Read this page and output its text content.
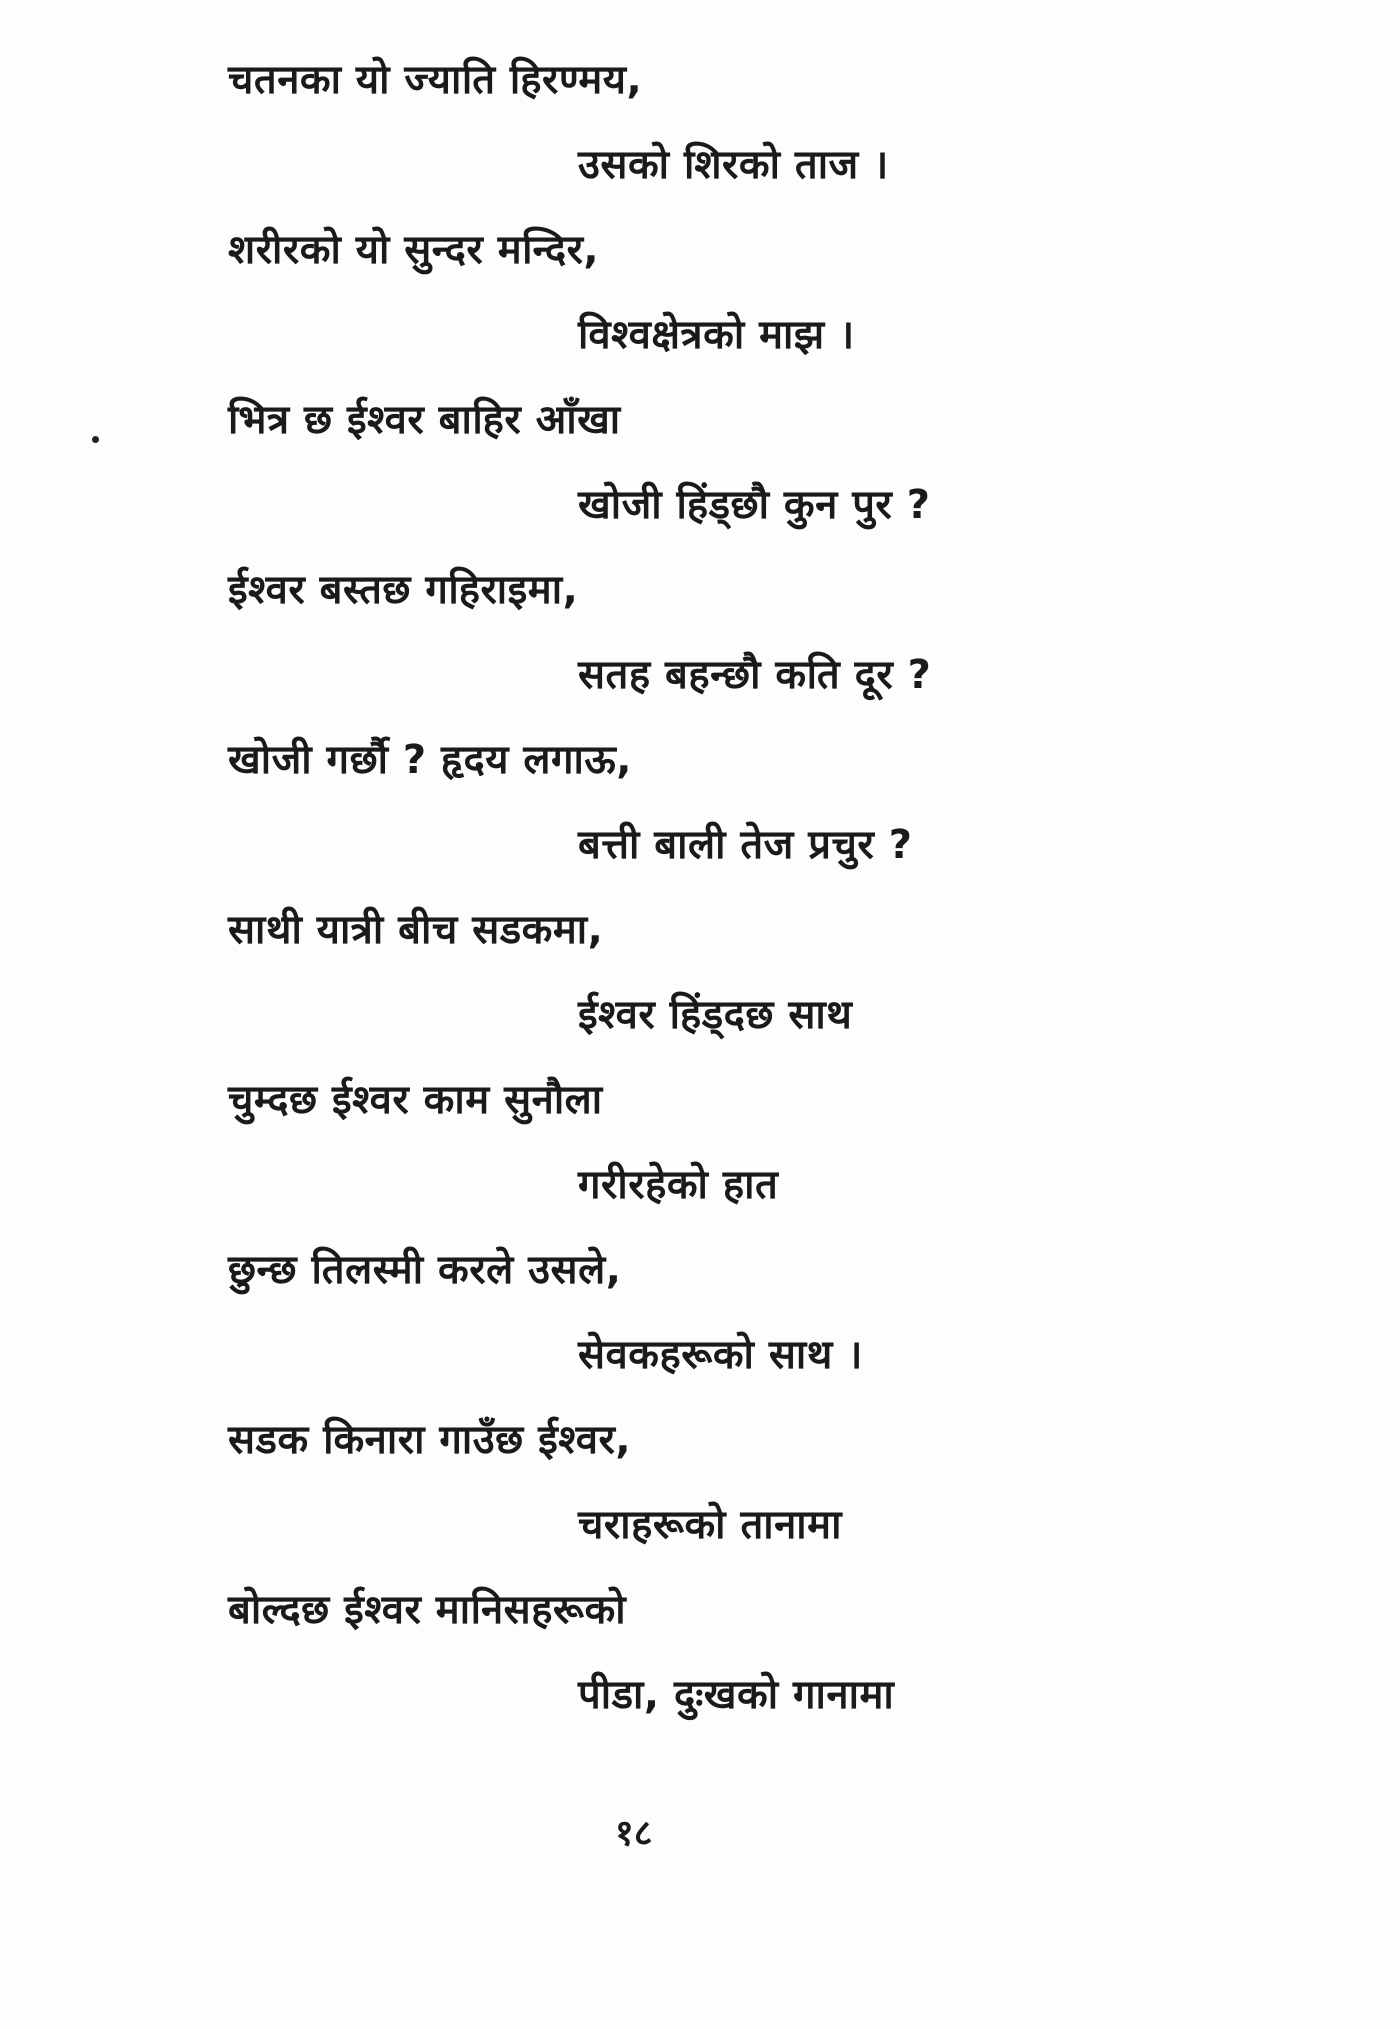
चतनका यो ज्याति हिरण्मय,
उसको शिरको ताज ।
शरीरको यो सुन्दर मन्दिर,
विश्वक्षेत्रको माझ ।
भित्र छ ईश्वर बाहिर आँखा
खोजी हिंड्छौ कुन पुर ?
ईश्वर बस्तछ गहिराइमा,
सतह बहन्छौ कति दूर ?
खोजी गर्छौ ? हृदय लगाऊ,
बत्ती बाली तेज प्रचुर ?
साथी यात्री बीच सडकमा,
ईश्वर हिंड्दछ साथ
चुम्दछ ईश्वर काम सुनौला
गरीरहेको हात
छुन्छ तिलस्मी करले उसले,
सेवकहरूको साथ ।
सडक किनारा गाउँछ ईश्वर,
चराहरूको तानामा
बोल्दछ ईश्वर मानिसहरूको
पीडा, दुःखको गानामा
१८
